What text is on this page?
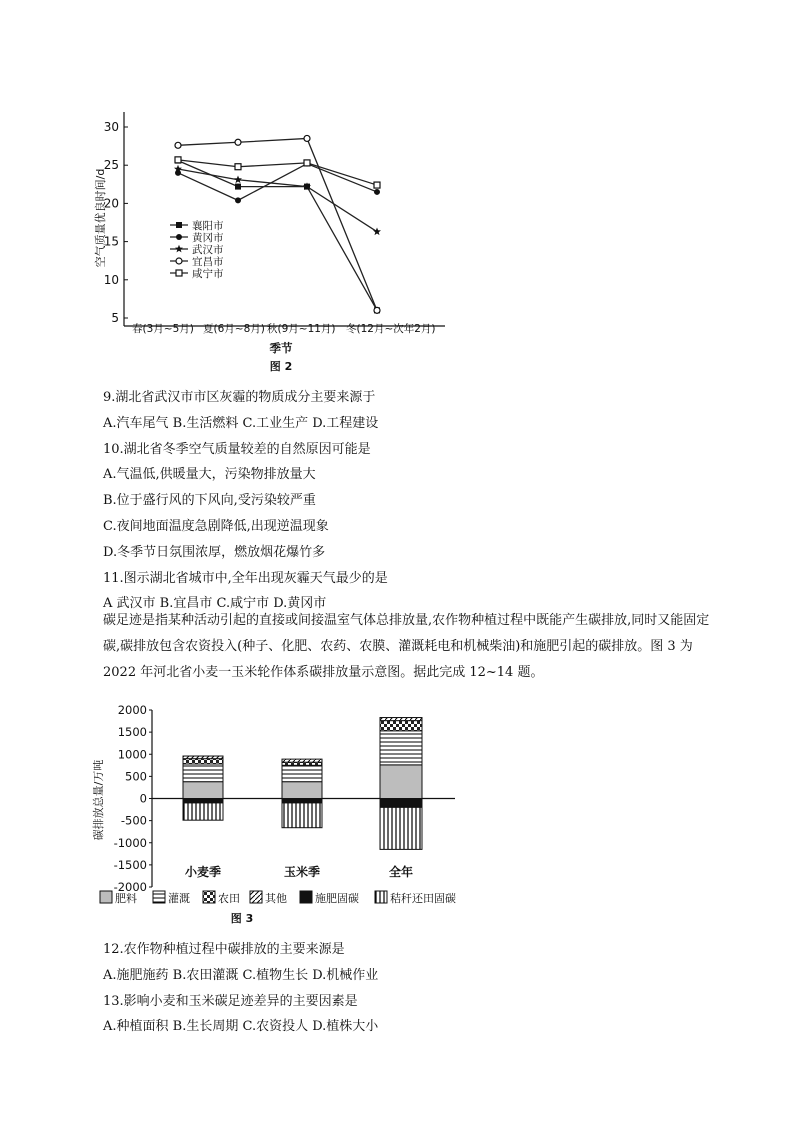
5
10
15
20
25
30
空气质量优良时间/d
春(3月~5月) 夏(6月~8月) 秋(9月~11月) 冬(12月~次年2月)
季节
图 2
襄阳市
黄冈市
武汉市
宜昌市
咸宁市
9.湖北省武汉市市区灰霾的物质成分主要来源于
A.汽车尾气 B.生活燃料 C.工业生产 D.工程建设
10.湖北省冬季空气质量较差的自然原因可能是
A.气温低,供暖量大，污染物排放量大
B.位于盛行风的下风向,受污染较严重
C.夜间地面温度急剧降低,出现逆温现象
D.冬季节日氛围浓厚，燃放烟花爆竹多
11.图示湖北省城市中,全年出现灰霾天气最少的是
A 武汉市 B.宜昌市 C.咸宁市 D.黄冈市
碳足迹是指某种活动引起的直接或间接温室气体总排放量,农作物种植过程中既能产生碳排放,同时又能固定碳,碳排放包含农资投入(种子、化肥、农药、农膜、灌溉耗电和机械柴油)和施肥引起的碳排放。图 3 为 2022 年河北省小麦一玉米轮作体系碳排放量示意图。据此完成 12~14 题。
2000
1500
1000
500
0
-500
-1000
-1500
-2000
碳排放总量/万吨
小麦季	玉米季	全年
肥料	灌溉	农田 其他	施肥固碳	秸秆还田固碳
图 3
12.农作物种植过程中碳排放的主要来源是
A.施肥施药 B.农田灌溉 C.植物生长 D.机械作业
13.影响小麦和玉米碳足迹差异的主要因素是
A.种植面积 B.生长周期 C.农资投人 D.植株大小
